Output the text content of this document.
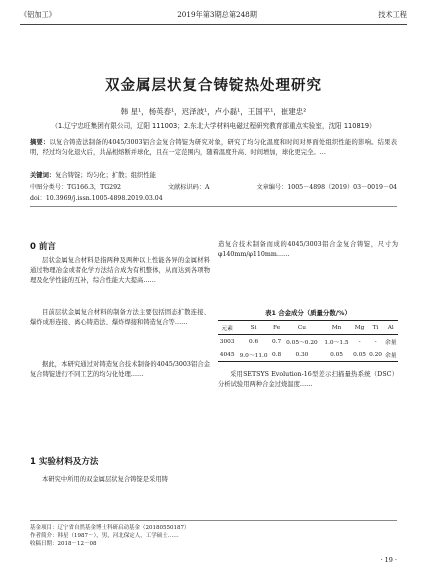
《铝加工》	2019年第3期总第248期	技术工程
双金属层状复合铸锭热处理研究
韩 星¹，杨英春¹，迟泽波¹，卢小磊¹，王国平¹，崔建忠²
（1.辽宁忠旺集团有限公司，辽阳 111003；2.东北大学材料电磁过程研究教育部重点实验室，沈阳 110819）
摘要：以复合铸造法制备的4045/3003铝合金复合铸锭为研究对象，研究了均匀化温度和时间对界面处组织性能的影响。结果表明，经过均匀化退火后，共晶相熔断并球化，且在一定范围内，随着温度升高、时间增加，球化更完全。…
关键词：复合铸锭；均匀化；扩散；组织性能
中图分类号：TG166.3，TG292	文献标识码：A	文章编号：1005－4898（2019）03－0019－04
doi：10.3969/j.issn.1005-4898.2019.03.04
0 前言
层状金属复合材料是指两种及两种以上性能各异的金属材料通过物理冶金或者化学方法结合成为有机整体，从而达到各项物理及化学性能的互补，综合性能大大提高……
目前层状金属复合材料的制备方法主要包括固态扩散连接、爆炸成形连接、离心铸造法、爆炸焊接和铸造复合等……
据此，本研究通过对铸造复合技术制备的4045/3003铝合金复合铸锭进行不同工艺的均匀化处理……
1 实验材料及方法
本研究中所用的双金属层状复合铸锭是采用铸
造复合技术制备而成的4045/3003铝合金复合铸锭，尺寸为φ140mm/φ110mm……
表1 合金成分（质量分数/%）
元素	Si	Fe	Cu	Mn	Mg	Ti	Al
3003	0.6	0.7	0.05～0.20	1.0～1.5	-	-	余量
4045	9.0～11.0	0.8	0.30	0.05	0.05	0.20	余量
采用SETSYS Evolution-16型差示扫描量热系统（DSC）分析试验用两种合金过烧温度……
基金项目：辽宁省自然基金博士科研启动基金（20180550187）
作者简介：韩星（1987－），男，河北保定人，工学硕士……
收稿日期：2018－12－08
· 19 ·
